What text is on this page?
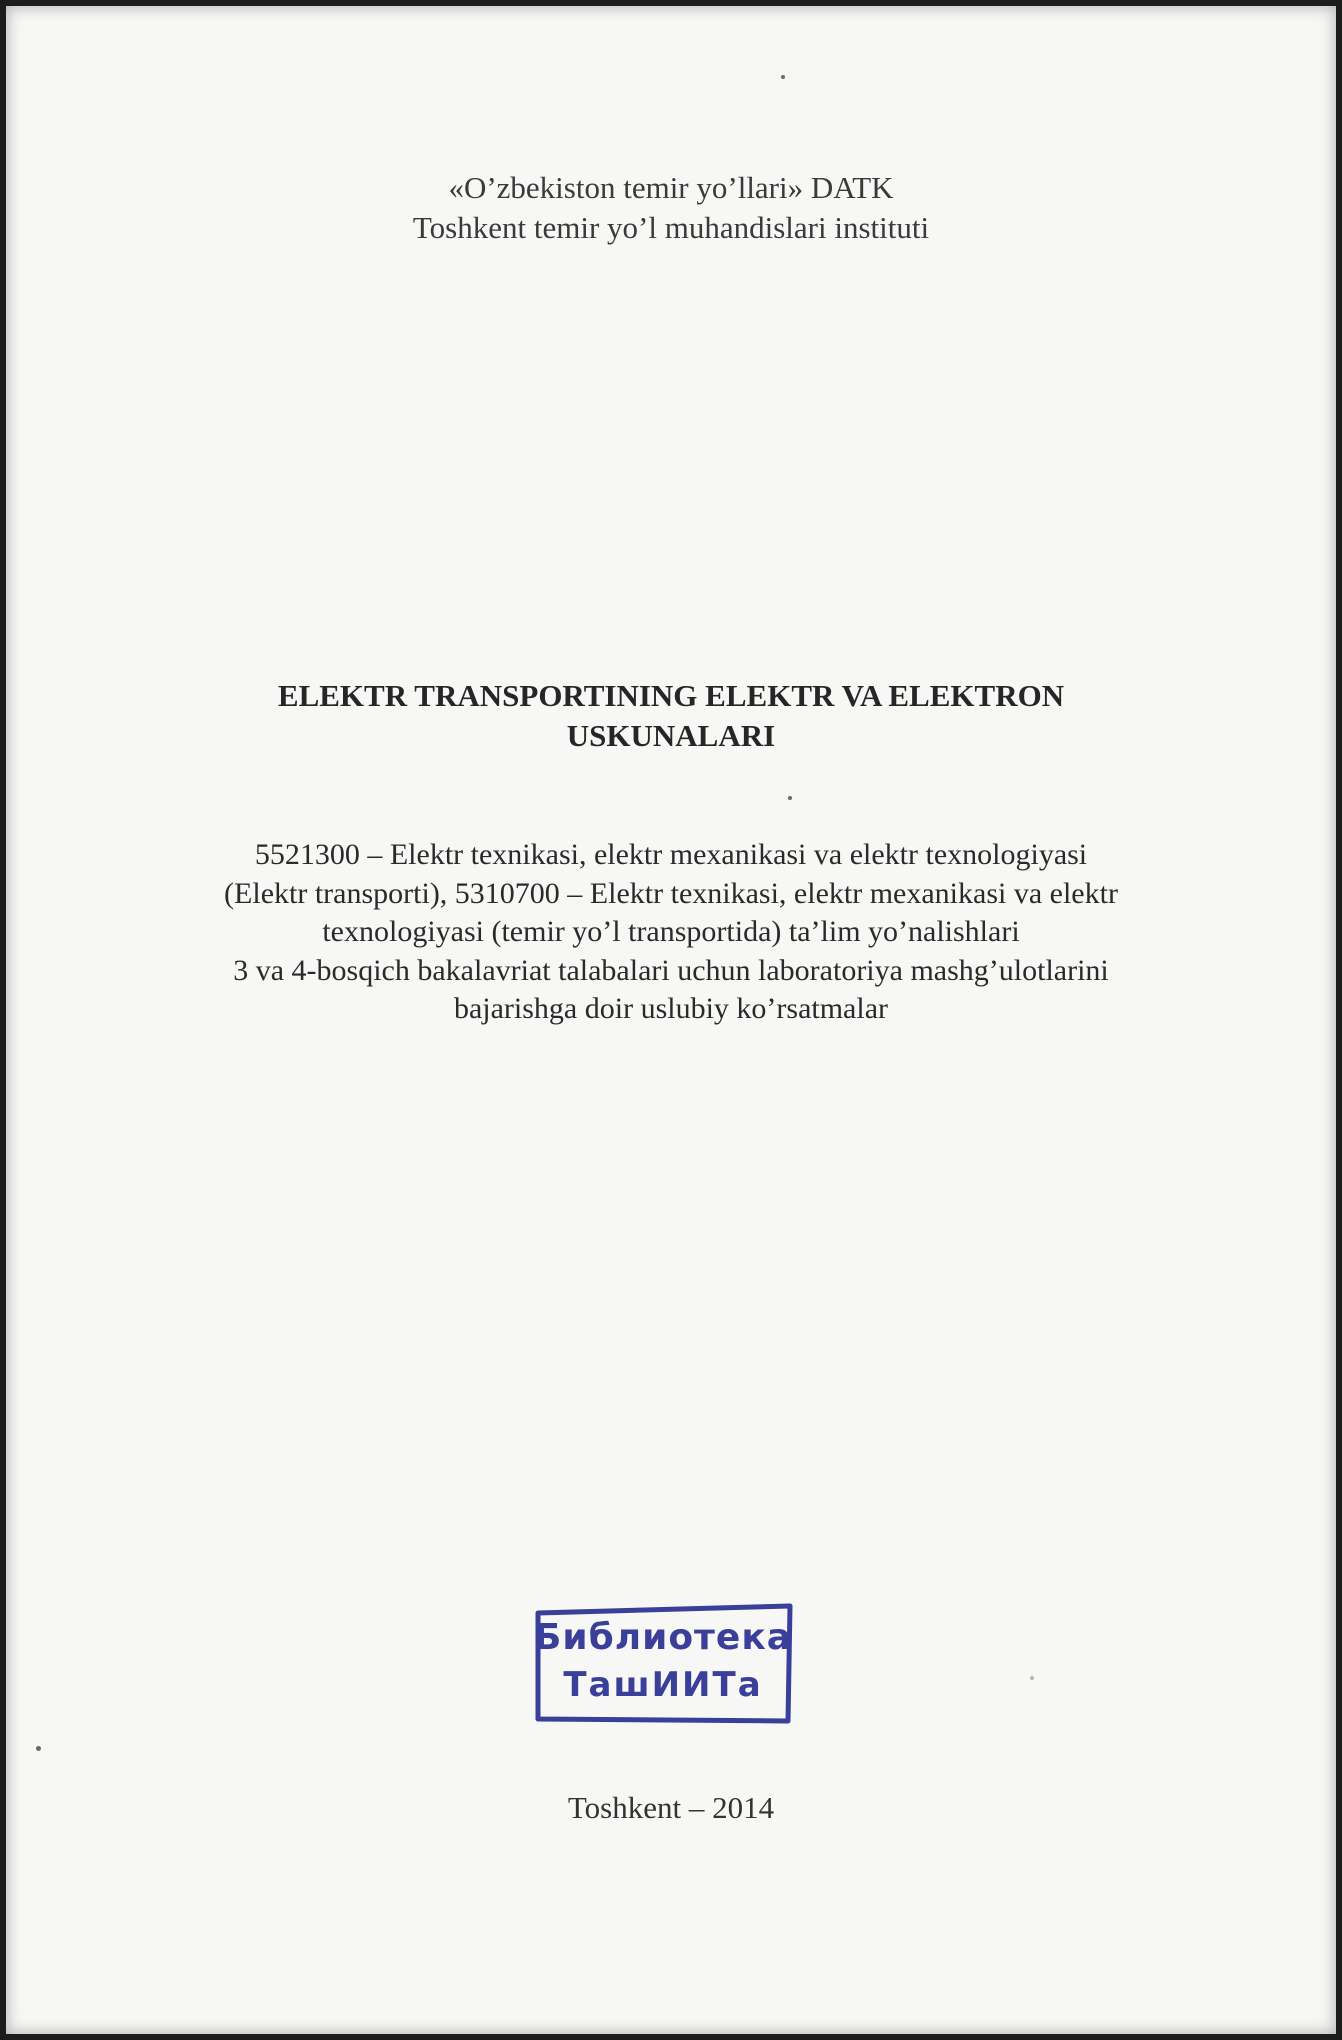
«O’zbekiston temir yo’llari» DATK
Toshkent temir yo’l muhandislari instituti
ELEKTR TRANSPORTINING ELEKTR VA ELEKTRON
USKUNALARI
5521300 – Elektr texnikasi, elektr mexanikasi va elektr texnologiyasi
(Elektr transporti), 5310700 – Elektr texnikasi, elektr mexanikasi va elektr
texnologiyasi (temir yo’l transportida) ta’lim yo’nalishlari
3 va 4-bosqich bakalavriat talabalari uchun laboratoriya mashg’ulotlarini
bajarishga doir uslubiy ko’rsatmalar
Библиотека
ТашИИТа
Toshkent – 2014
